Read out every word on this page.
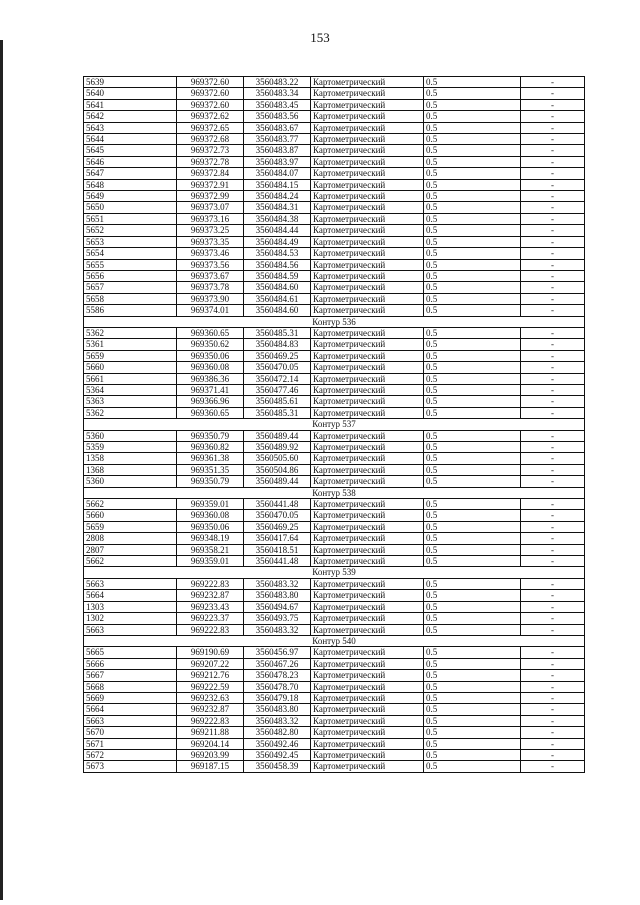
153
5639	969372.60	3560483.22	Картометрический	0.5	-
5640	969372.60	3560483.34	Картометрический	0.5	-
5641	969372.60	3560483.45	Картометрический	0.5	-
5642	969372.62	3560483.56	Картометрический	0.5	-
5643	969372.65	3560483.67	Картометрический	0.5	-
5644	969372.68	3560483.77	Картометрический	0.5	-
5645	969372.73	3560483.87	Картометрический	0.5	-
5646	969372.78	3560483.97	Картометрический	0.5	-
5647	969372.84	3560484.07	Картометрический	0.5	-
5648	969372.91	3560484.15	Картометрический	0.5	-
5649	969372.99	3560484.24	Картометрический	0.5	-
5650	969373.07	3560484.31	Картометрический	0.5	-
5651	969373.16	3560484.38	Картометрический	0.5	-
5652	969373.25	3560484.44	Картометрический	0.5	-
5653	969373.35	3560484.49	Картометрический	0.5	-
5654	969373.46	3560484.53	Картометрический	0.5	-
5655	969373.56	3560484.56	Картометрический	0.5	-
5656	969373.67	3560484.59	Картометрический	0.5	-
5657	969373.78	3560484.60	Картометрический	0.5	-
5658	969373.90	3560484.61	Картометрический	0.5	-
5586	969374.01	3560484.60	Картометрический	0.5	-
Контур 536					
5362	969360.65	3560485.31	Картометрический	0.5	-
5361	969350.62	3560484.83	Картометрический	0.5	-
5659	969350.06	3560469.25	Картометрический	0.5	-
5660	969360.08	3560470.05	Картометрический	0.5	-
5661	969386.36	3560472.14	Картометрический	0.5	-
5364	969371.41	3560477.46	Картометрический	0.5	-
5363	969366.96	3560485.61	Картометрический	0.5	-
5362	969360.65	3560485.31	Картометрический	0.5	-
Контур 537					
5360	969350.79	3560489.44	Картометрический	0.5	-
5359	969360.82	3560489.92	Картометрический	0.5	-
1358	969361.38	3560505.60	Картометрический	0.5	-
1368	969351.35	3560504.86	Картометрический	0.5	-
5360	969350.79	3560489.44	Картометрический	0.5	-
Контур 538					
5662	969359.01	3560441.48	Картометрический	0.5	-
5660	969360.08	3560470.05	Картометрический	0.5	-
5659	969350.06	3560469.25	Картометрический	0.5	-
2808	969348.19	3560417.64	Картометрический	0.5	-
2807	969358.21	3560418.51	Картометрический	0.5	-
5662	969359.01	3560441.48	Картометрический	0.5	-
Контур 539					
5663	969222.83	3560483.32	Картометрический	0.5	-
5664	969232.87	3560483.80	Картометрический	0.5	-
1303	969233.43	3560494.67	Картометрический	0.5	-
1302	969223.37	3560493.75	Картометрический	0.5	-
5663	969222.83	3560483.32	Картометрический	0.5	-
Контур 540					
5665	969190.69	3560456.97	Картометрический	0.5	-
5666	969207.22	3560467.26	Картометрический	0.5	-
5667	969212.76	3560478.23	Картометрический	0.5	-
5668	969222.59	3560478.70	Картометрический	0.5	-
5669	969232.63	3560479.18	Картометрический	0.5	-
5664	969232.87	3560483.80	Картометрический	0.5	-
5663	969222.83	3560483.32	Картометрический	0.5	-
5670	969211.88	3560482.80	Картометрический	0.5	-
5671	969204.14	3560492.46	Картометрический	0.5	-
5672	969203.99	3560492.45	Картометрический	0.5	-
5673	969187.15	3560458.39	Картометрический	0.5	-
